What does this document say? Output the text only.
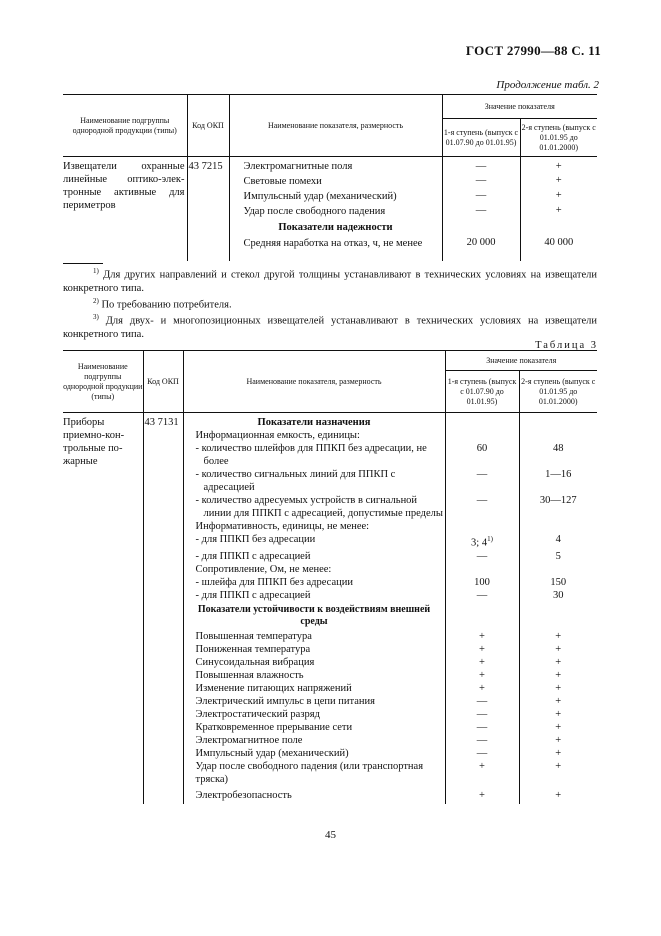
ГОСТ 27990—88 С. 11
Продолжение табл. 2
Наименование подгруппы однородной продукции (типы)	Код ОКП	Наименование показателя, размерность	Значение показателя	
			1-я ступень (выпуск с 01.07.90 до 01.01.95)	2-я ступень (выпуск с 01.01.95 до 01.01.2000)
Извещатели охранные линейные оптико-электронные активные для периметров	43 7215	Электромагнитные поля	—	+
		Световые помехи	—	+
		Импульсный удар (механический)	—	+
		Удар после свободного падения	—	+
		Показатели надежности		
		Средняя наработка на отказ, ч, не менее	20 000	40 000

$^{1)}$ Для других направлений и стекол другой толщины устанавливают в технических условиях на извещатели конкретного типа.
$^{2)}$ По требованию потребителя.
$^{3)}$ Для двух- и многопозиционных извещателей устанавливают в технических условиях на извещатели конкретного типа.
Таблица 3
Наименование подгруппы однородной продукции (типы)	Код ОКП	Наименование показателя, размерность	Значение показателя	
			1-я ступень (выпуск с 01.07.90 до 01.01.95)	2-я ступень (выпуск с 01.01.95 до 01.01.2000)
Приборы приемно-контрольные пожарные	43 7131	Показатели назначения		
		Информационная емкость, единицы:		
		- количество шлейфов для ППКП без адресации, не более	60	48
		- количество сигнальных линий для ППКП с адресацией	—	1—16
		- количество адресуемых устройств в сигнальной линии для ППКП с адресацией, допустимые пределы	—	30—127
		Информативность, единицы, не менее:		
		- для ППКП без адресации	3; 4$^{1)}$	4
		- для ППКП с адресацией	—	5
		Сопротивление, Ом, не менее:		
		- шлейфа для ППКП без адресации	100	150
		- для ППКП с адресацией	—	30
		Показатели устойчивости к воздействиям внешней среды		
		Повышенная температура	+	+
		Пониженная температура	+	+
		Синусоидальная вибрация	+	+
		Повышенная влажность	+	+
		Изменение питающих напряжений	+	+
		Электрический импульс в цепи питания	—	+
		Электростатический разряд	—	+
		Кратковременное прерывание сети	—	+
		Электромагнитное поле	—	+
		Импульсный удар (механический)	—	+
		Удар после свободного падения (или транспортная тряска)	+	+
		Электробезопасность	+	+
45
